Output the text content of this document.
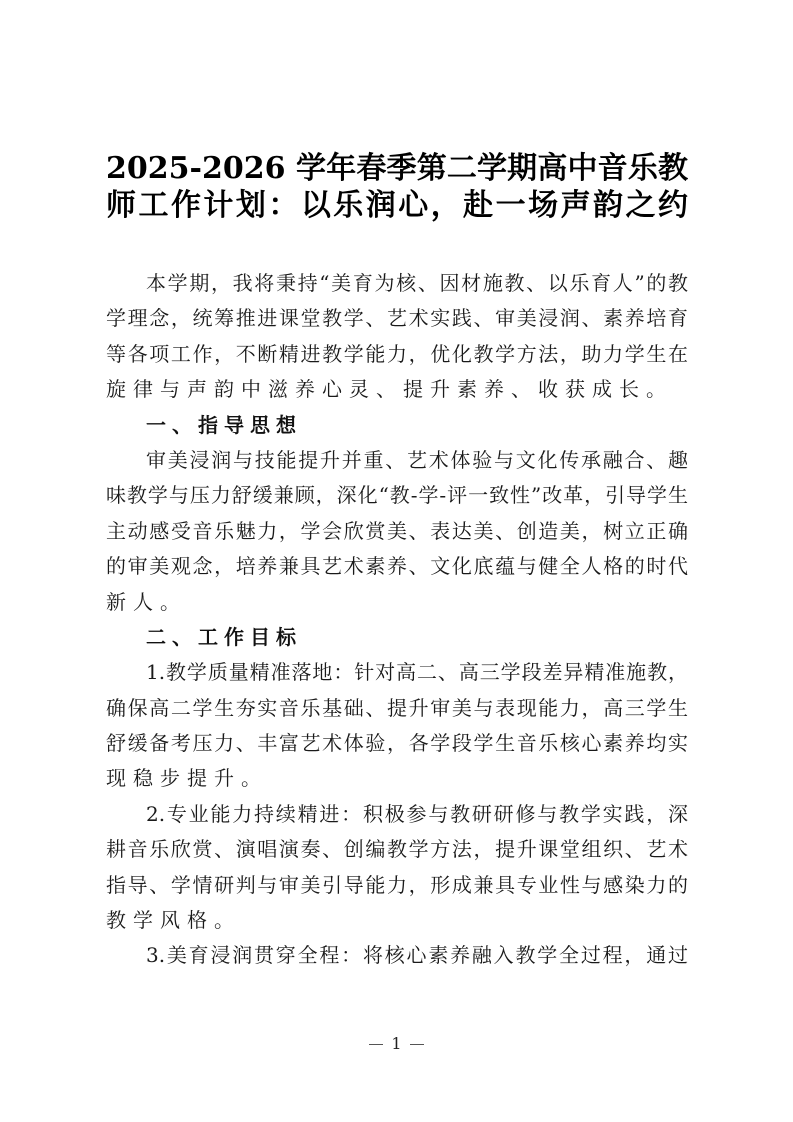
2025-2026 学年春季第二学期高中音乐教
师工作计划：以乐润心，赴一场声韵之约
本学期，我将秉持“美育为核、因材施教、以乐育人”的教
学理念，统筹推进课堂教学、艺术实践、审美浸润、素养培育
等各项工作，不断精进教学能力，优化教学方法，助力学生在
旋律与声韵中滋养心灵、提升素养、收获成长。
一、指导思想
审美浸润与技能提升并重、艺术体验与文化传承融合、趣
味教学与压力舒缓兼顾，深化“教-学-评一致性”改革，引导学生
主动感受音乐魅力，学会欣赏美、表达美、创造美，树立正确
的审美观念，培养兼具艺术素养、文化底蕴与健全人格的时代
新人。
二、工作目标
1.教学质量精准落地：针对高二、高三学段差异精准施教，
确保高二学生夯实音乐基础、提升审美与表现能力，高三学生
舒缓备考压力、丰富艺术体验，各学段学生音乐核心素养均实
现稳步提升。
2.专业能力持续精进：积极参与教研研修与教学实践，深
耕音乐欣赏、演唱演奏、创编教学方法，提升课堂组织、艺术
指导、学情研判与审美引导能力，形成兼具专业性与感染力的
教学风格。
3.美育浸润贯穿全程：将核心素养融入教学全过程，通过
1
